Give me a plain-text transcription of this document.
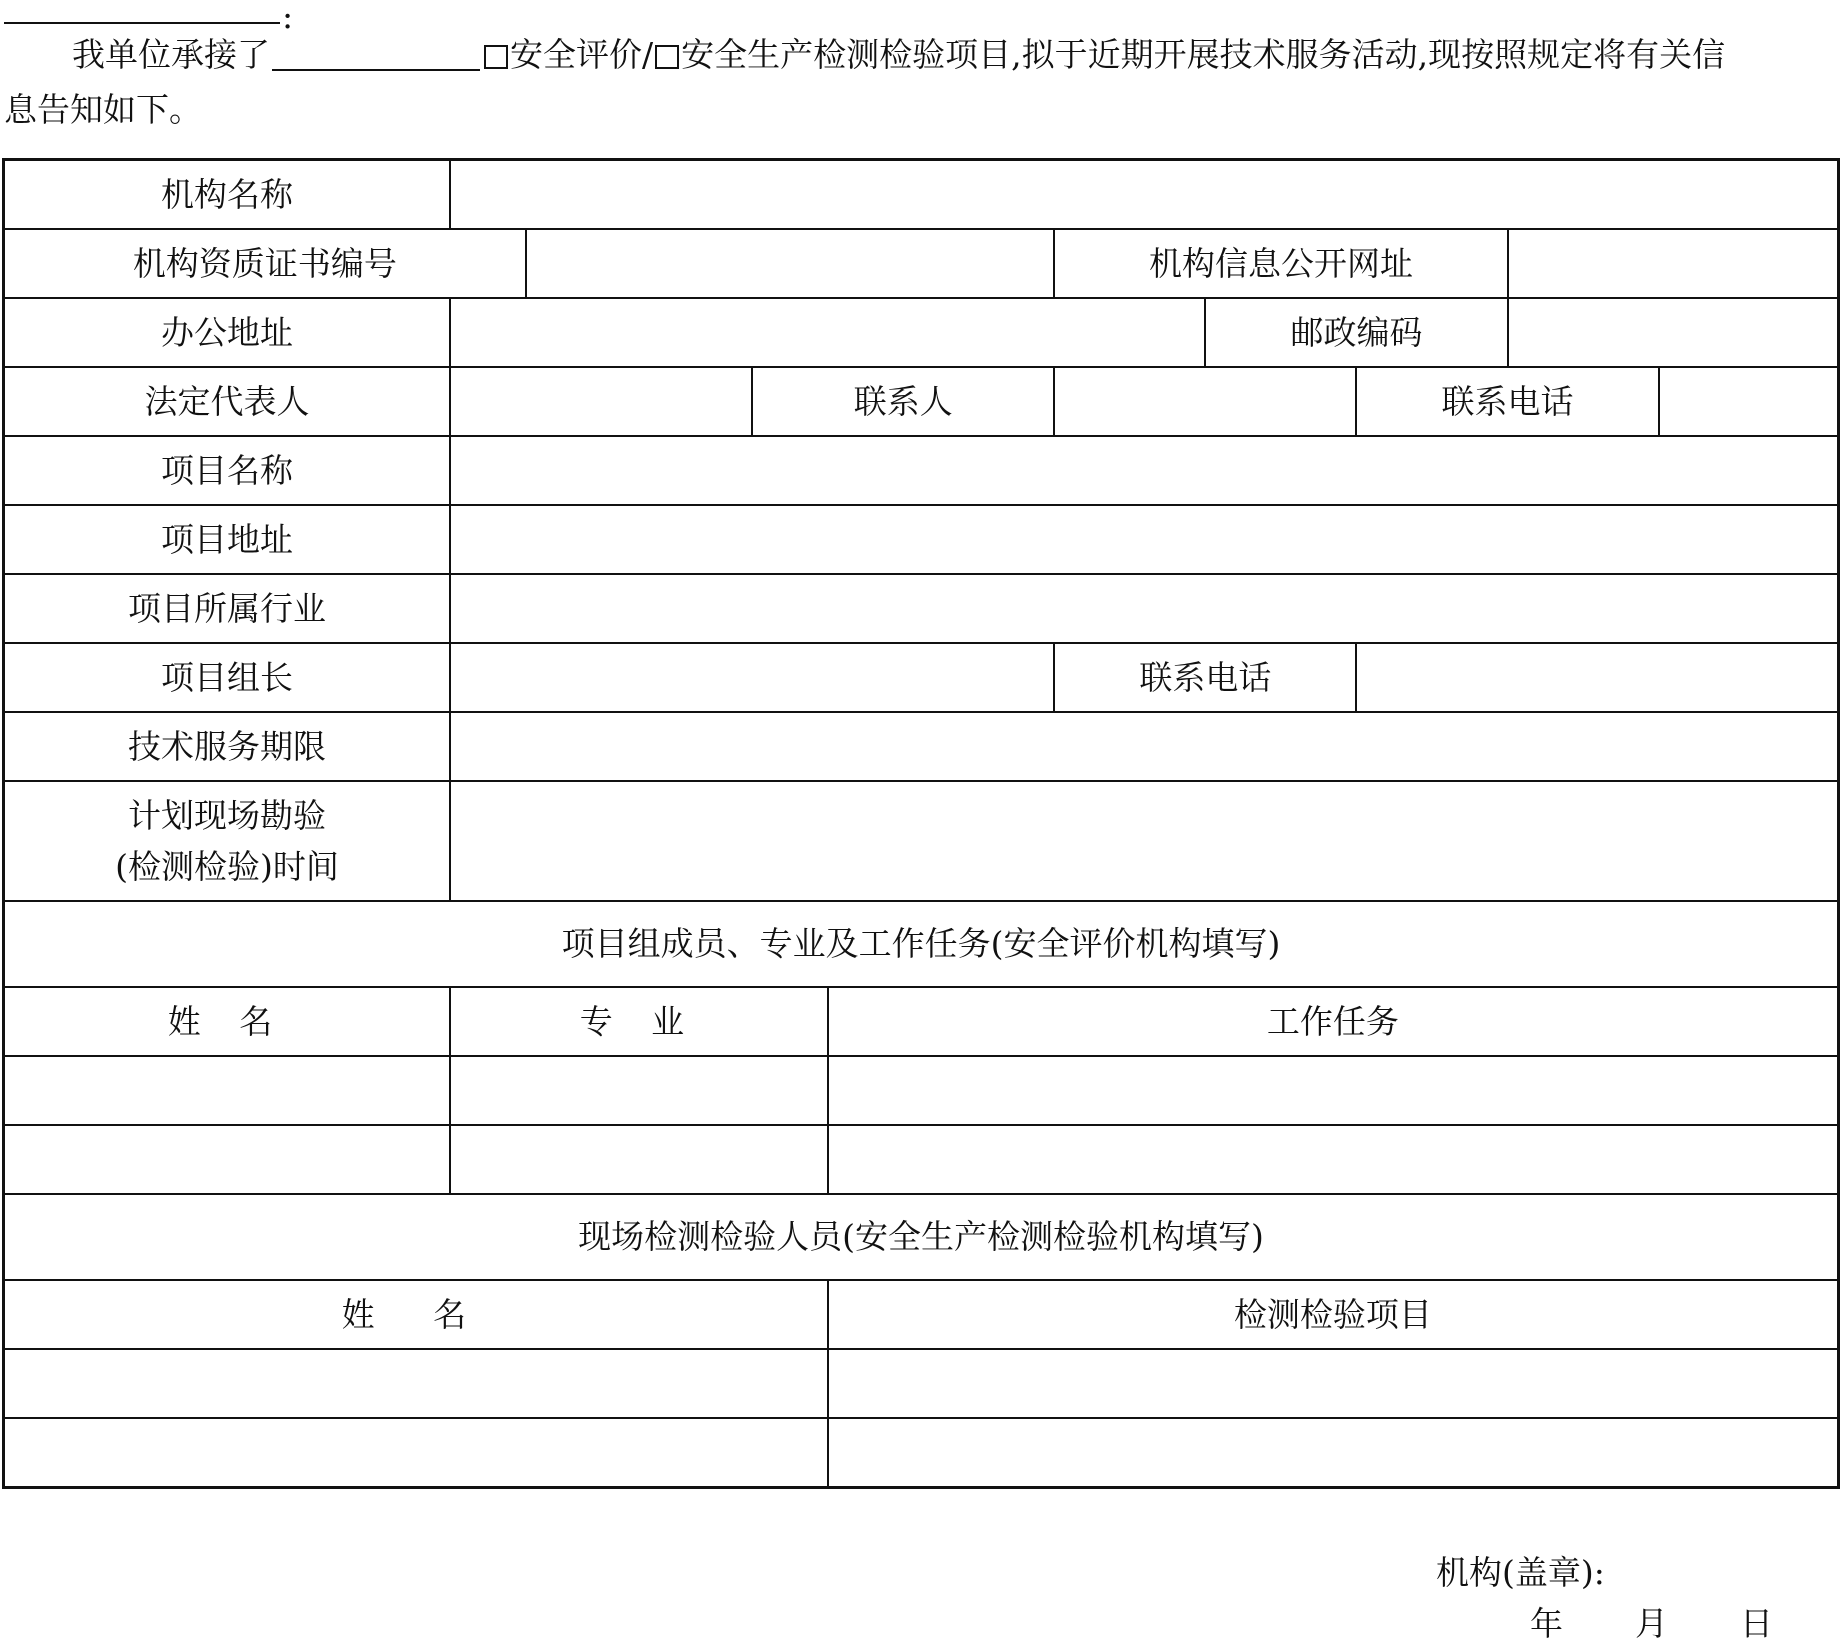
:
我单位承接了	安全评价/ 安全生产检测检验项目,拟于近期开展技术服务活动,现按照规定将有关信
息告知如下。
机构名称									
机构资质证书编号					机构信息公开网址				
办公地址						邮政编码			
法定代表人			联系人				联系电话		
项目名称									
项目地址									
项目所属行业									
项目组长					联系电话				
技术服务期限									

计划现场勘验
(检测检验)时间									

项目组成员、专业及工作任务(安全评价机构填写)									
姓 名	专 业			工作任务					

现场检测检验人员(安全生产检测检验机构填写)									
姓 名				检测检验项目					

机构(盖章):
年 月 日
